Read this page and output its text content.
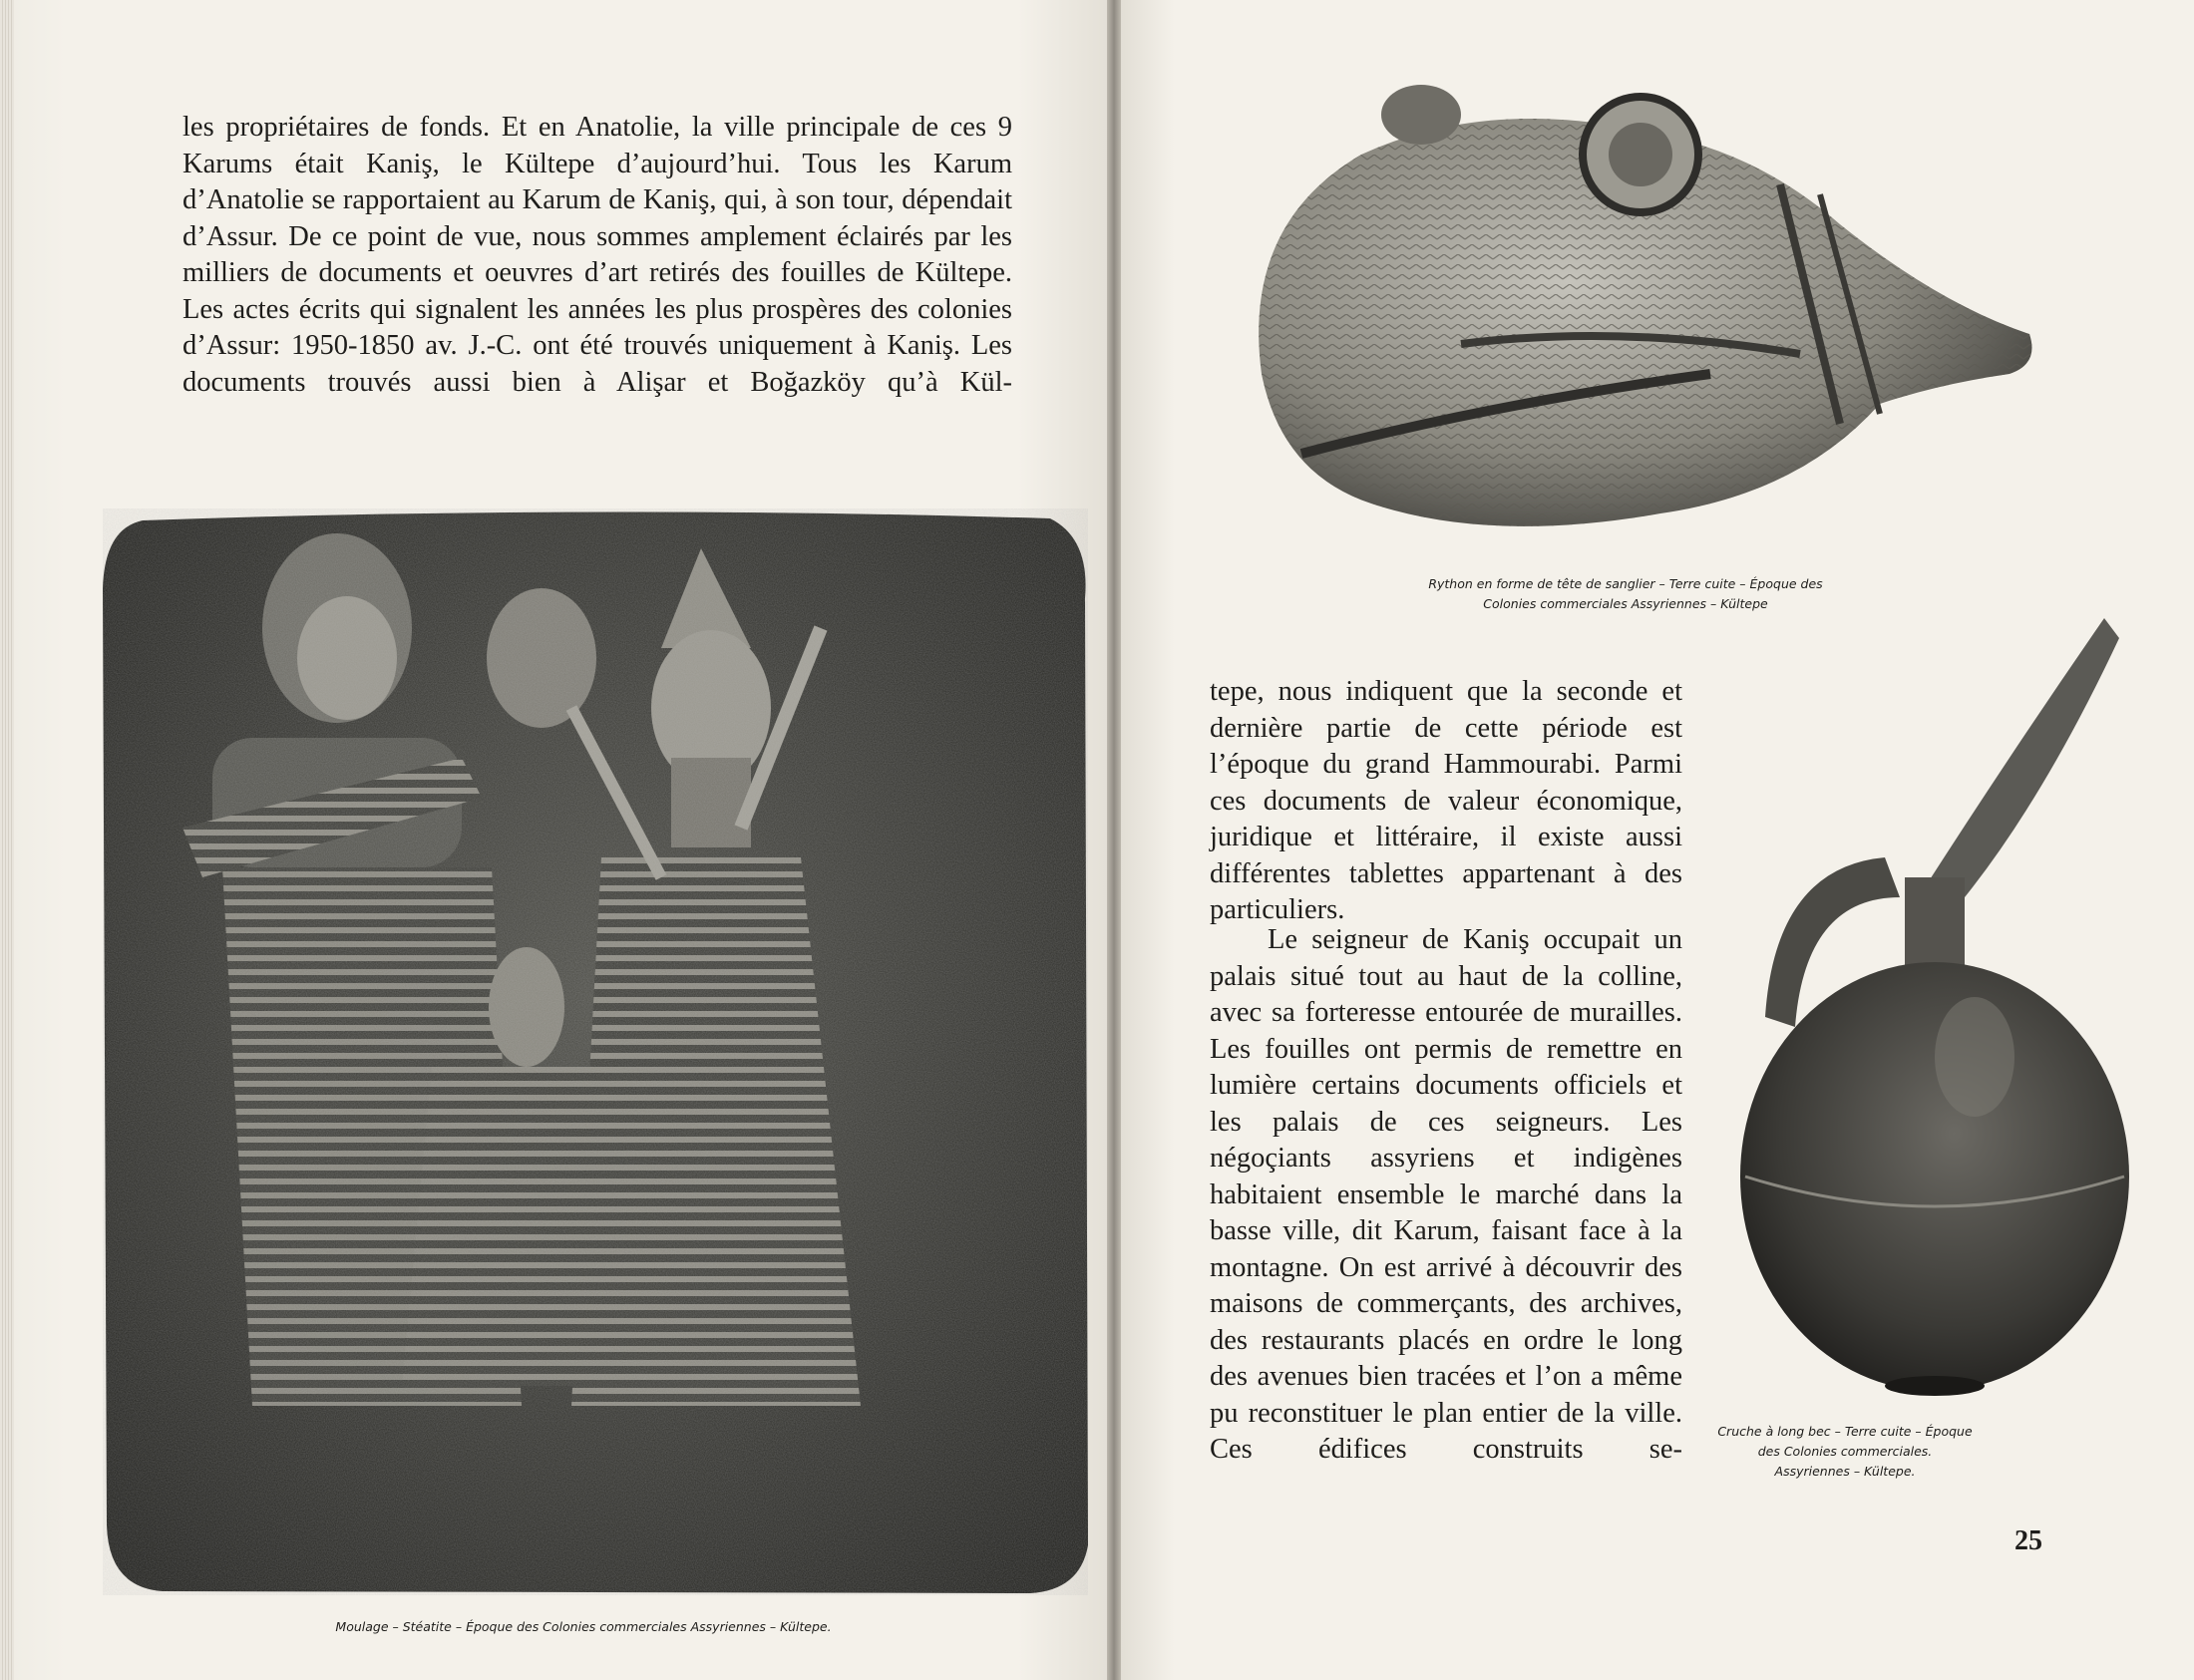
les propriétaires de fonds. Et en Anatolie, la ville principale de ces 9 Karums était Kaniş, le Kültepe d’aujourd’hui. Tous les Karum d’Anatolie se rapportaient au Karum de Kaniş, qui, à son tour, dépendait d’Assur. De ce point de vue, nous sommes amplement éclairés par les milliers de documents et oeuvres d’art retirés des fouilles de Kültepe. Les actes écrits qui signalent les années les plus prospères des colonies d’Assur: 1950-1850 av. J.-C. ont été trouvés uniquement à Kaniş. Les documents trouvés aussi bien à Alişar et Boğazköy qu’à Kül-

Moulage – Stéatite – Époque des Colonies commerciales Assyriennes – Kültepe.

Rython en forme de tête de sanglier – Terre cuite – Époque des
Colonies commerciales Assyriennes – Kültepe

tepe, nous indiquent que la seconde et dernière partie de cette période est l’époque du grand Hammourabi. Parmi ces documents de valeur économique, juridique et littéraire, il existe aussi différentes tablettes appartenant à des particuliers.

Le seigneur de Kaniş occupait un palais situé tout au haut de la colline, avec sa forteresse entourée de murailles. Les fouilles ont permis de remettre en lumière certains documents officiels et les palais de ces seigneurs. Les négoçiants assyriens et indigènes habitaient ensemble le marché dans la basse ville, dit Karum, faisant face à la montagne. On est arrivé à découvrir des maisons de commerçants, des archives, des restaurants placés en ordre le long des avenues bien tracées et l’on a même pu reconstituer le plan entier de la ville. Ces édifices construits se-

Cruche à long bec – Terre cuite – Époque
des Colonies commerciales.
Assyriennes – Kültepe.

25
